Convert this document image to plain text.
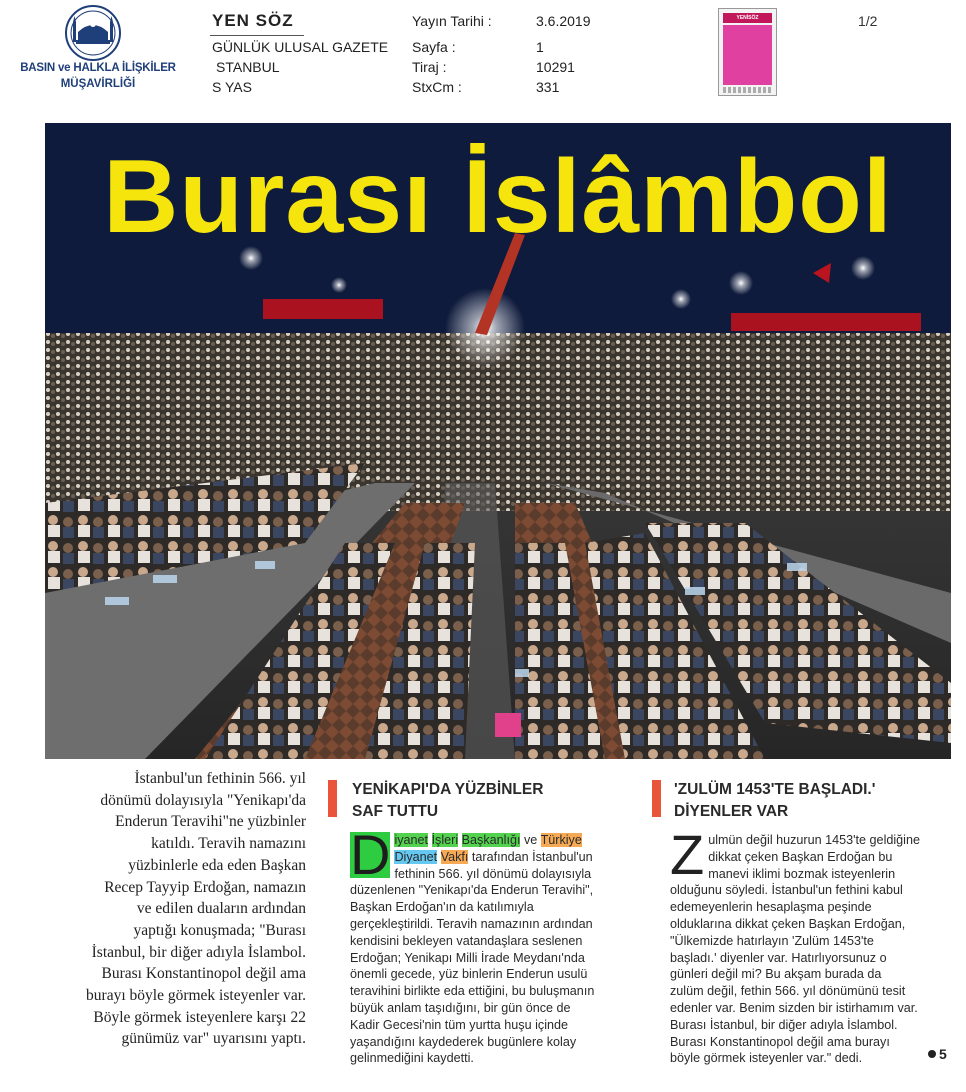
BASIN ve HALKLA İLİŞKİLER
MÜŞAVİRLİĞİ
YEN SÖZ
GÜNLÜK ULUSAL GAZETE
STANBUL
S YAS
Yayın Tarihi :
Sayfa :
Tiraj :
StxCm :
3.6.2019
1
10291
331
YENİSÖZ	1/2
Burası İslâmbol
İstanbul'un fethinin 566. yıl
dönümü dolayısıyla "Yenikapı'da
Enderun Teravihi"ne yüzbinler
katıldı. Teravih namazını
yüzbinlerle eda eden Başkan
Recep Tayyip Erdoğan, namazın
ve edilen duaların ardından
yaptığı konuşmada; "Burası
İstanbul, bir diğer adıyla İslambol.
Burası Konstantinopol değil ama
burayı böyle görmek isteyenler var.
Böyle görmek isteyenlere karşı 22
günümüz var" uyarısını yaptı.
YENİKAPI'DA YÜZBİNLER
SAF TUTTU
D iyanet İşleri Başkanlığı ve Türkiye
Diyanet Vakfı tarafından İstanbul'un
fethinin 566. yıl dönümü dolayısıyla
düzenlenen "Yenikapı'da Enderun Teravihi",
Başkan Erdoğan'ın da katılımıyla
gerçekleştirildi. Teravih namazının ardından
kendisini bekleyen vatandaşlara seslenen
Erdoğan; Yenikapı Milli İrade Meydanı'nda
önemli gecede, yüz binlerin Enderun usulü
teravihini birlikte eda ettiğini, bu buluşmanın
büyük anlam taşıdığını, bir gün önce de
Kadir Gecesi'nin tüm yurtta huşu içinde
yaşandığını kaydederek bugünlere kolay
gelinmediğini kaydetti.
'ZULÜM 1453'TE BAŞLADI.'
DİYENLER VAR
Z ulmün değil huzurun 1453'te geldiğine
dikkat çeken Başkan Erdoğan bu
manevi iklimi bozmak isteyenlerin
olduğunu söyledi. İstanbul'un fethini kabul
edemeyenlerin hesaplaşma peşinde
olduklarına dikkat çeken Başkan Erdoğan,
"Ülkemizde hatırlayın 'Zulüm 1453'te
başladı.' diyenler var. Hatırlıyorsunuz o
günleri değil mi? Bu akşam burada da
zulüm değil, fethin 566. yıl dönümünü tesit
edenler var. Benim sizden bir istirhamım var.
Burası İstanbul, bir diğer adıyla İslambol.
Burası Konstantinopol değil ama burayı
böyle görmek isteyenler var." dedi.	5
